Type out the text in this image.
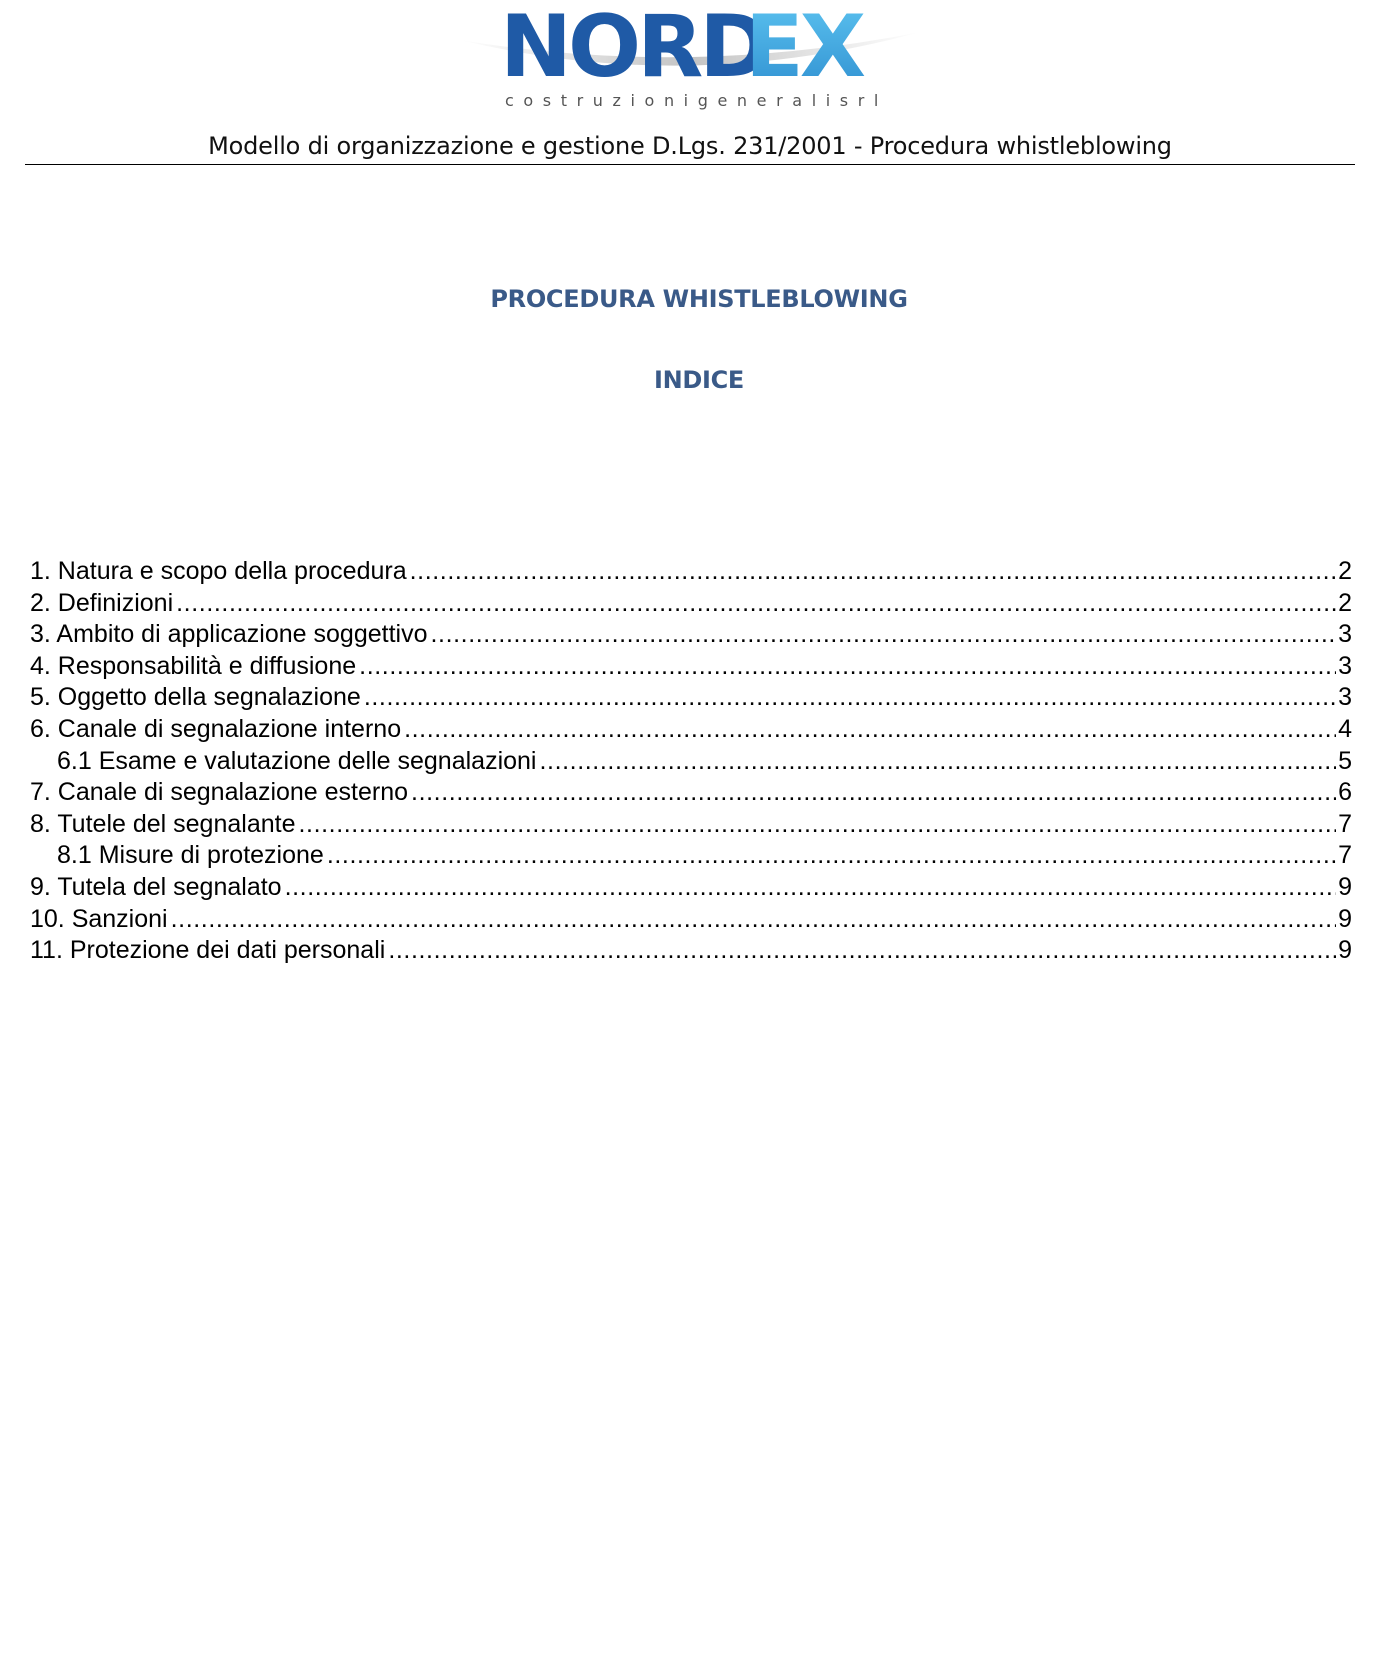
NORD
EX
costruzionigeneralisrl
Modello di organizzazione e gestione D.Lgs. 231/2001 - Procedura whistleblowing
PROCEDURA WHISTLEBLOWING
INDICE
1. Natura e scopo della procedura .....	2
2. Definizioni .....	2
3. Ambito di applicazione soggettivo .....	3
4. Responsabilità e diffusione .....	3
5. Oggetto della segnalazione .....	3
6. Canale di segnalazione interno .....	4
6.1 Esame e valutazione delle segnalazioni .....	5
7. Canale di segnalazione esterno .....	6
8. Tutele del segnalante .....	7
8.1 Misure di protezione .....	7
9. Tutela del segnalato .....	9
10. Sanzioni .....	9
11. Protezione dei dati personali .....	9
